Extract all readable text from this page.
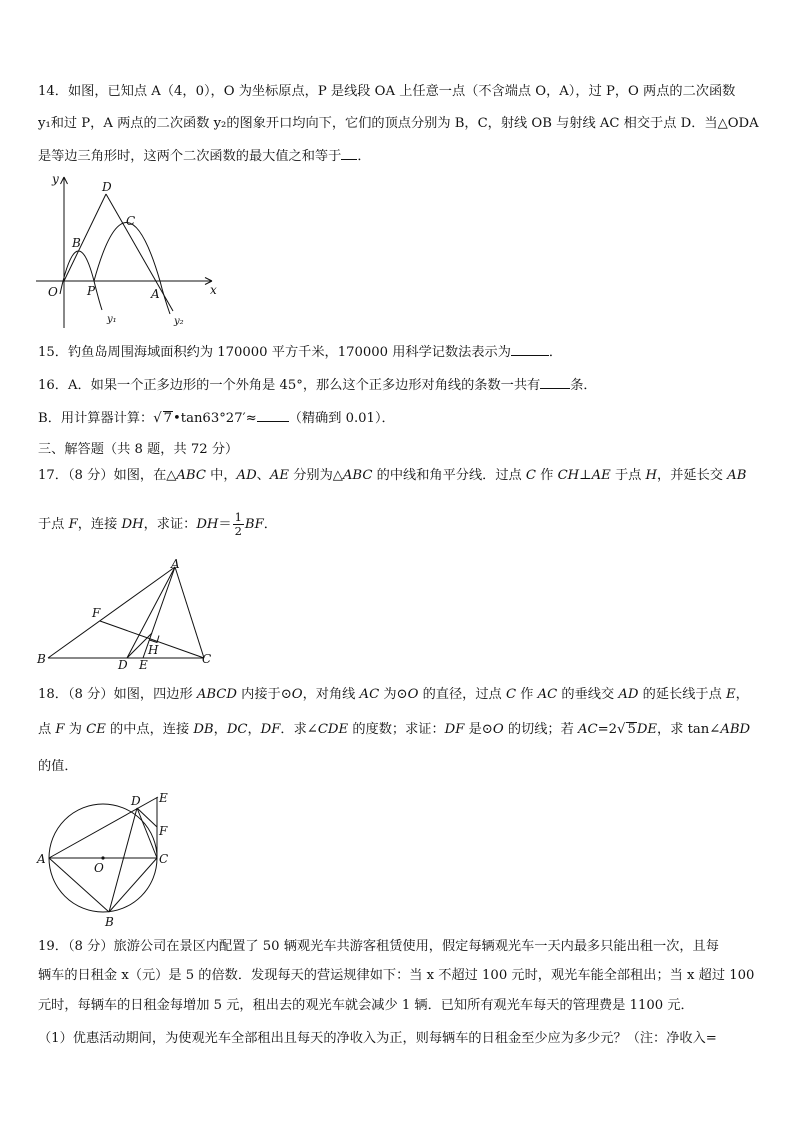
14．如图，已知点 A（4，0），O 为坐标原点，P 是线段 OA 上任意一点（不含端点 O，A），过 P，O 两点的二次函数
y₁和过 P，A 两点的二次函数 y₂的图象开口均向下，它们的顶点分别为 B，C，射线 OB 与射线 AC 相交于点 D．当△ODA
是等边三角形时，这两个二次函数的最大值之和等于 ．
y
x
O P	A
B
C
D
y₁	y₂
15．钓鱼岛周围海域面积约为 170000 平方千米，170000 用科学记数法表示为	．
16．A．如果一个正多边形的一个外角是 45°，那么这个正多边形对角线的条数一共有 条．
B．用计算器计算：√ 7•tan63°27′≈ （精确到 0.01）．
三、解答题（共 8 题，共 72 分）
17．（8 分）如图，在△ABC 中，AD、AE 分别为△ABC 的中线和角平分线．过点 C 作 CH⊥AE 于点 H，并延长交 AB
于点 F，连接 DH，求证：$DH= \frac{1}{2}$ BF．
A
B	C
D E
F
H
18．（8 分）如图，四边形 ABCD 内接于⊙O，对角线 AC 为⊙O 的直径，过点 C 作 AC 的垂线交 AD 的延长线于点 E，
点 F 为 CE 的中点，连接 DB，DC，DF．求∠CDE 的度数；求证：DF 是⊙O 的切线；若 AC=2√ 5DE，求 tan∠ABD
的值．
A
B
C
D E
F
O
19．（8 分）旅游公司在景区内配置了 50 辆观光车共游客租赁使用，假定每辆观光车一天内最多只能出租一次，且每
辆车的日租金 x（元）是 5 的倍数．发现每天的营运规律如下：当 x 不超过 100 元时，观光车能全部租出；当 x 超过 100
元时，每辆车的日租金每增加 5 元，租出去的观光车就会减少 1 辆．已知所有观光车每天的管理费是 1100 元．
（1）优惠活动期间，为使观光车全部租出且每天的净收入为正，则每辆车的日租金至少应为多少元？（注：净收入=
